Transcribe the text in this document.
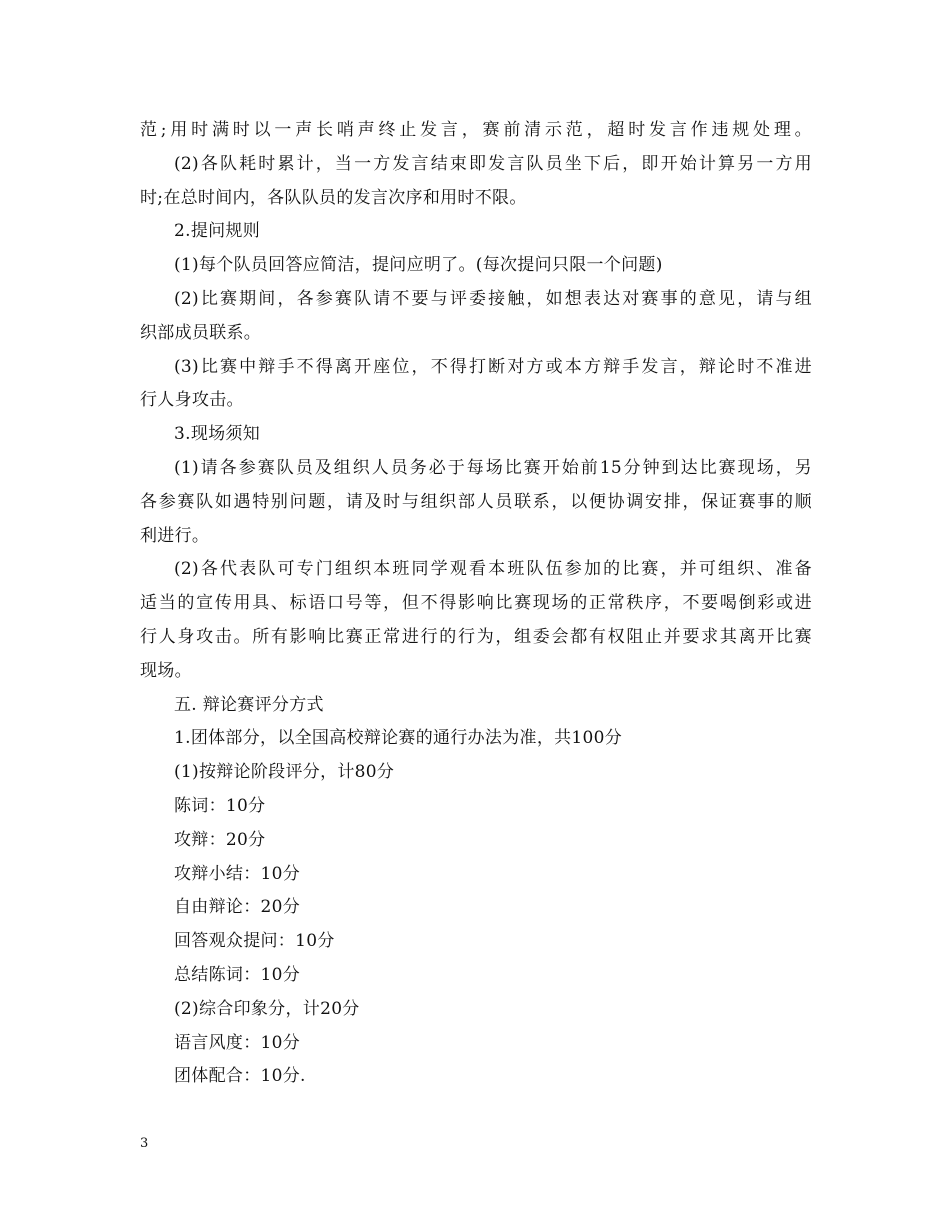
范;用时满时以一声长哨声终止发言，赛前清示范，超时发言作违规处理。
(2)各队耗时累计，当一方发言结束即发言队员坐下后，即开始计算另一方用
时;在总时间内，各队队员的发言次序和用时不限。
2.提问规则
(1)每个队员回答应简洁，提问应明了。(每次提问只限一个问题)
(2)比赛期间，各参赛队请不要与评委接触，如想表达对赛事的意见，请与组
织部成员联系。
(3)比赛中辩手不得离开座位，不得打断对方或本方辩手发言，辩论时不准进
行人身攻击。
3.现场须知
(1)请各参赛队员及组织人员务必于每场比赛开始前15分钟到达比赛现场，另
各参赛队如遇特别问题，请及时与组织部人员联系，以便协调安排，保证赛事的顺
利进行。
(2)各代表队可专门组织本班同学观看本班队伍参加的比赛，并可组织、准备
适当的宣传用具、标语口号等，但不得影响比赛现场的正常秩序，不要喝倒彩或进
行人身攻击。所有影响比赛正常进行的行为，组委会都有权阻止并要求其离开比赛
现场。
五. 辩论赛评分方式
1.团体部分，以全国高校辩论赛的通行办法为准，共100分
(1)按辩论阶段评分，计80分
陈词：10分
攻辩：20分
攻辩小结：10分
自由辩论：20分
回答观众提问：10分
总结陈词：10分
(2)综合印象分，计20分
语言风度：10分
团体配合：10分.
3
